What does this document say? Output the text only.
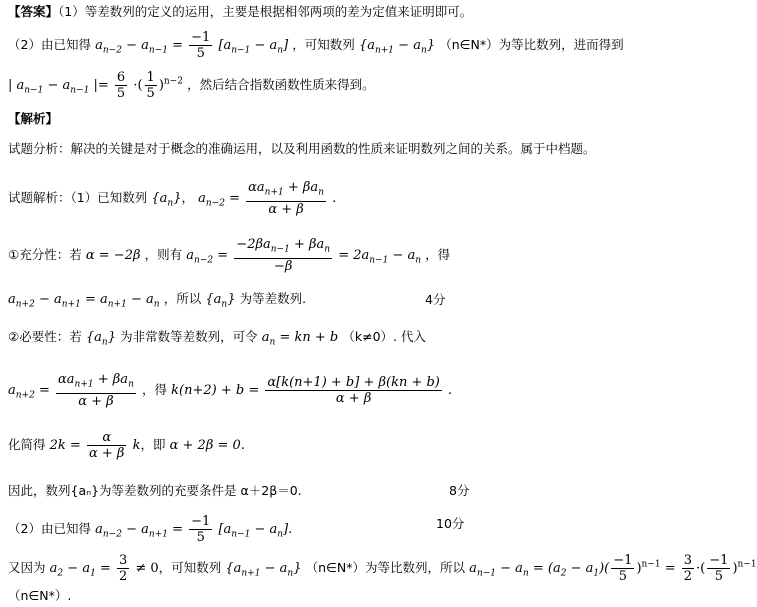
【答案】（1）等差数列的定义的运用，主要是根据相邻两项的差为定值来证明即可。
（2）由已知得 $a_{n-2} - a_{n-1} = \frac{-1}{5} [a_{n-1} - a_n]$ ，可知数列 $\{a_{n+1} - a_n\}$ （n∈N*）为等比数列，进而得到
| $a_{n-1} - a_{n-1}$ |= $\frac{6}{5}$ ·( $\frac{1}{5} )^{n-2}$ ，然后结合指数函数性质来得到。
【解析】
试题分析：解决的关键是对于概念的准确运用，以及利用函数的性质来证明数列之间的关系。属于中档题。
试题解析：（1）已知数列 $\{a_n\}$， $a_{n-2} = \frac{\alpha a_{n+1} + \beta a_n}{\alpha + \beta}$ .
①充分性：若 α = −2β ，则有 $a_{n-2} = \frac{-2\beta a_{n-1} + \beta a_n}{-\beta} = 2a_{n-1} - a_n$ ，得
$a_{n+2} - a_{n+1} = a_{n+1} - a_n$ ，所以 $\{a_n\}$ 为等差数列.	4分
②必要性：若 $\{a_n\}$ 为非常数等差数列，可令 $a_n$ = kn + b （k≠0）. 代入
$a_{n+2} = \frac{\alpha a_{n+1} + \beta a_n}{\alpha + \beta}$ ，得 $k(n+2) + b = \frac{\alpha[k(n+1) + b] + \beta(kn + b)}{\alpha + \beta}$ .
化简得 $2k = \frac{\alpha}{\alpha + \beta}$ k，即 α + 2β = 0.
因此，数列{aₙ}为等差数列的充要条件是 α＋2β＝0.	8分
（2）由已知得 $a_{n-2} - a_{n+1} = \frac{-1}{5} [a_{n-1} - a_n]$.	10分
又因为 $a_2 - a_1 = \frac{3}{2} \ne 0$，可知数列 $\{a_{n+1} - a_n\}$ （n∈N*）为等比数列，所以 $a_{n-1} - a_n = (a_2 - a_1)( \frac{-1}{5} )^{n-1} = \frac{3}{2}$ ·( $\frac{-1}{5} )^{n-1}$
（n∈N*）.
